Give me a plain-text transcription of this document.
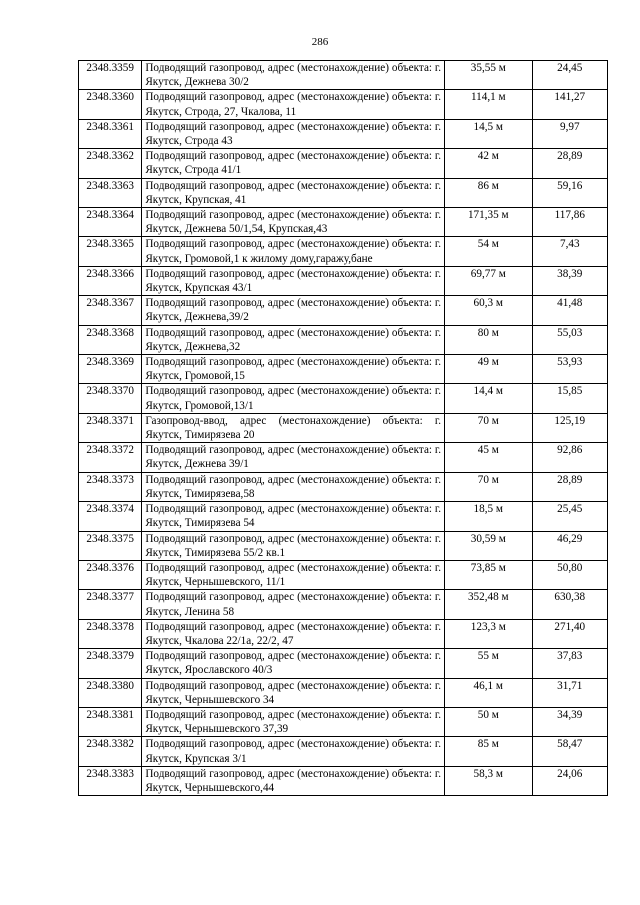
286
2348.3359	Подводящий газопровод, адрес (местонахождение) объекта: г. Якутск, Дежнева 30/2	35,55 м	24,45
2348.3360	Подводящий газопровод, адрес (местонахождение) объекта: г. Якутск, Строда, 27, Чкалова, 11	114,1 м	141,27
2348.3361	Подводящий газопровод, адрес (местонахождение) объекта: г. Якутск, Строда 43	14,5 м	9,97
2348.3362	Подводящий газопровод, адрес (местонахождение) объекта: г. Якутск, Строда 41/1	42 м	28,89
2348.3363	Подводящий газопровод, адрес (местонахождение) объекта: г. Якутск, Крупская, 41	86 м	59,16
2348.3364	Подводящий газопровод, адрес (местонахождение) объекта: г. Якутск, Дежнева 50/1,54, Крупская,43	171,35 м	117,86
2348.3365	Подводящий газопровод, адрес (местонахождение) объекта: г. Якутск, Громовой,1 к жилому дому,гаражу,бане	54 м	7,43
2348.3366	Подводящий газопровод, адрес (местонахождение) объекта: г. Якутск, Крупская 43/1	69,77 м	38,39
2348.3367	Подводящий газопровод, адрес (местонахождение) объекта: г. Якутск, Дежнева,39/2	60,3 м	41,48
2348.3368	Подводящий газопровод, адрес (местонахождение) объекта: г. Якутск, Дежнева,32	80 м	55,03
2348.3369	Подводящий газопровод, адрес (местонахождение) объекта: г. Якутск, Громовой,15	49 м	53,93
2348.3370	Подводящий газопровод, адрес (местонахождение) объекта: г. Якутск, Громовой,13/1	14,4 м	15,85
2348.3371	Газопровод-ввод, адрес (местонахождение) объекта: г. Якутск, Тимирязева 20	70 м	125,19
2348.3372	Подводящий газопровод, адрес (местонахождение) объекта: г. Якутск, Дежнева 39/1	45 м	92,86
2348.3373	Подводящий газопровод, адрес (местонахождение) объекта: г. Якутск, Тимирязева,58	70 м	28,89
2348.3374	Подводящий газопровод, адрес (местонахождение) объекта: г. Якутск, Тимирязева 54	18,5 м	25,45
2348.3375	Подводящий газопровод, адрес (местонахождение) объекта: г. Якутск, Тимирязева 55/2 кв.1	30,59 м	46,29
2348.3376	Подводящий газопровод, адрес (местонахождение) объекта: г. Якутск, Чернышевского, 11/1	73,85 м	50,80
2348.3377	Подводящий газопровод, адрес (местонахождение) объекта: г. Якутск, Ленина 58	352,48 м	630,38
2348.3378	Подводящий газопровод, адрес (местонахождение) объекта: г. Якутск, Чкалова 22/1а, 22/2, 47	123,3 м	271,40
2348.3379	Подводящий газопровод, адрес (местонахождение) объекта: г. Якутск, Ярославского 40/3	55 м	37,83
2348.3380	Подводящий газопровод, адрес (местонахождение) объекта: г. Якутск, Чернышевского 34	46,1 м	31,71
2348.3381	Подводящий газопровод, адрес (местонахождение) объекта: г. Якутск, Чернышевского 37,39	50 м	34,39
2348.3382	Подводящий газопровод, адрес (местонахождение) объекта: г. Якутск, Крупская 3/1	85 м	58,47
2348.3383	Подводящий газопровод, адрес (местонахождение) объекта: г. Якутск, Чернышевского,44	58,3 м	24,06
